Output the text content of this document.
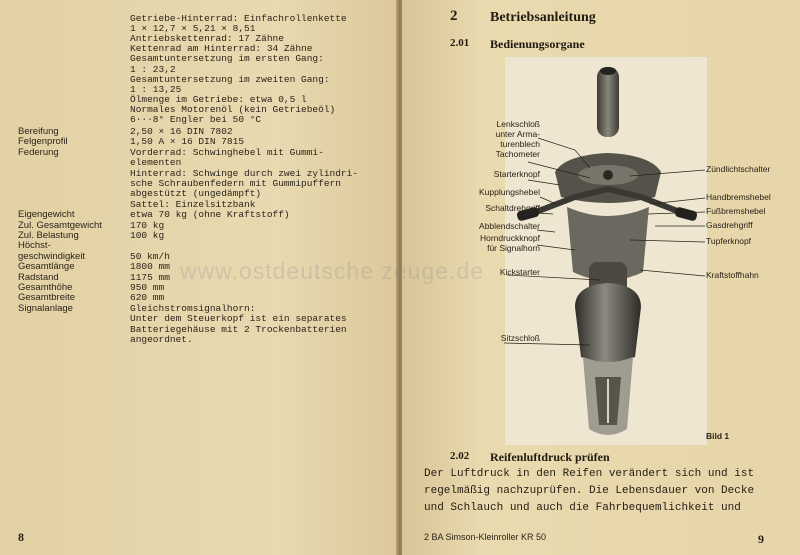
Getriebe-Hinterrad: Einfachrollenkette
1 × 12,7 × 5,21 × 8,51
Antriebskettenrad: 17 Zähne
Kettenrad am Hinterrad: 34 Zähne
Gesamtuntersetzung im ersten Gang:
1 : 23,2
Gesamtuntersetzung im zweiten Gang:
1 : 13,25
Ölmenge im Getriebe: etwa 0,5 l
Normales Motorenöl (kein Getriebeöl)
6···8° Engler bei 50 °C
Bereifung	2,50 × 16 DIN 7802
Felgenprofil	1,50 A × 16 DIN 7815
Federung	Vorderrad: Schwinghebel mit Gummi-
elementen
Hinterrad: Schwinge durch zwei zylindri-
sche Schraubenfedern mit Gummipuffern
abgestützt (ungedämpft)
Sattel: Einzelsitzbank
Eigengewicht	etwa 70 kg (ohne Kraftstoff)
Zul. Gesamtgewicht	170 kg
Zul. Belastung	100 kg
Höchst-
geschwindigkeit	50 km/h
Gesamtlänge	1800 mm
Radstand	1175 mm
Gesamthöhe	950 mm
Gesamtbreite	620 mm
Signalanlage	Gleichstromsignalhorn:
Unter dem Steuerkopf ist ein separates
Batteriegehäuse mit 2 Trockenbatterien
angeordnet.
8
2 Betriebsanleitung
2.01 Bedienungsorgane
2.02 Reifenluftdruck prüfen
Der Luftdruck in den Reifen verändert sich und ist
regelmäßig nachzuprüfen. Die Lebensdauer von Decke
und Schlauch und auch die Fahrbequemlichkeit und
2 BA Simson-Kleinroller KR 50	9
Lenkschloß
unter Arma-
turenblech
Tachometer
Starterknopf
Kupplungshebel
Schaltdrehgriff
Abblendschalter
Horndruckknopf
für Signalhorn
Kickstarter
Sitzschloß
Zündlichtschalter
Handbremshebel
Fußbremshebel
Gasdrehgriff
Tupferknopf
Kraftstoffhahn
Bild 1
www.ostdeutsche zeuge.de
